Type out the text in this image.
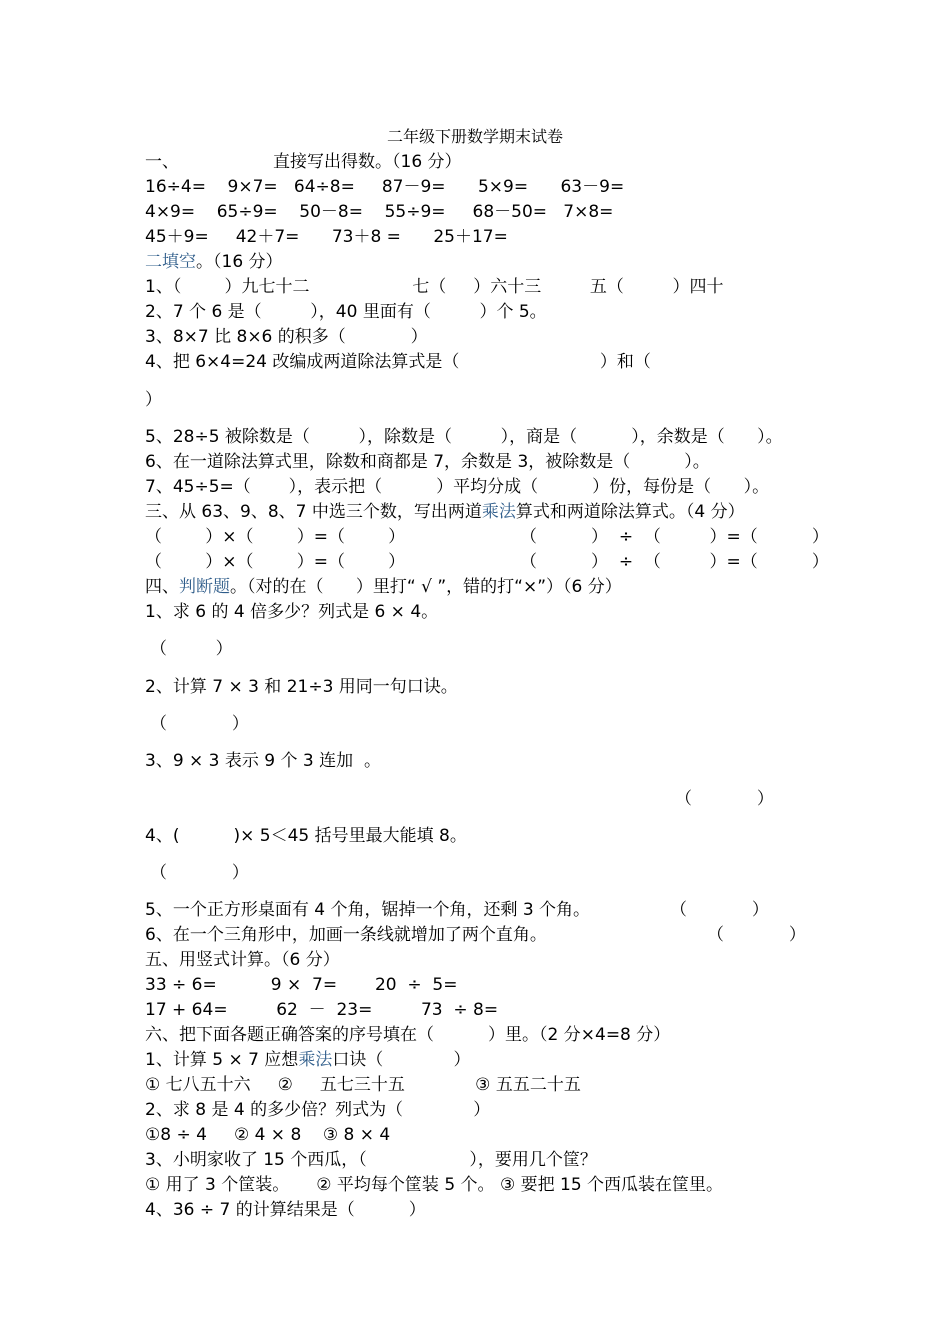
二年级下册数学期末试卷
一、	直接写出得数。（16 分）
16÷4=    9×7=   64÷8=     87－9=      5×9=      63－9=
4×9=    65÷9=    50－8=    55÷9=     68－50=   7×8=
45＋9=     42＋7=      73＋8 =      25＋17=
二填空。（16 分）
1、（        ）九七十二                   七（     ）六十三         五（         ）四十
2、7 个 6 是（         ），40 里面有（         ）个 5。
3、8×7 比 8×6 的积多（            ）
4、把 6×4=24 改编成两道除法算式是（                          ）和（
）
5、28÷5 被除数是（         ），除数是（         ），商是（          ），余数是（      ）。
6、在一道除法算式里，除数和商都是 7，余数是 3，被除数是（          ）。
7、45÷5=（       ），表示把（          ）平均分成（          ）份，每份是（      ）。
三、从 63、9、8、7 中选三个数，写出两道乘法算式和两道除法算式。（4 分）
（        ）×（        ）=（        ）	（          ）  ÷  （         ）=（          ）
（        ）×（        ）=（        ）	（          ）  ÷  （         ）=（          ）
四、判断题。（对的在（      ）里打“ √ ”，错的打“×”）（6 分）
1、求 6 的 4 倍多少？列式是 6 × 4。
（         ）
2、计算 7 × 3 和 21÷3 用同一句口诀。
（            ）
3、9 × 3 表示 9 个 3 连加  。
（            ）
4、(          )× 5＜45 括号里最大能填 8。
（            ）
5、一个正方形桌面有 4 个角，锯掉一个角，还剩 3 个角。	（            ）
6、在一个三角形中，加画一条线就增加了两个直角。	（            ）
五、用竖式计算。（6 分）
33 ÷ 6=          9 ×  7=       20  ÷  5=
17 + 64=         62  －  23=         73  ÷ 8=
六、把下面各题正确答案的序号填在（          ）里。（2 分×4=8 分）
1、计算 5 × 7 应想乘法口诀（             ）
① 七八五十六     ②     五七三十五             ③ 五五二十五
2、求 8 是 4 的多少倍？列式为（             ）
①8 ÷ 4     ② 4 × 8    ③ 8 × 4
3、小明家收了 15 个西瓜，（                   ），要用几个筐？
① 用了 3 个筐装。     ② 平均每个筐装 5 个。 ③ 要把 15 个西瓜装在筐里。
4、36 ÷ 7 的计算结果是（          ）
